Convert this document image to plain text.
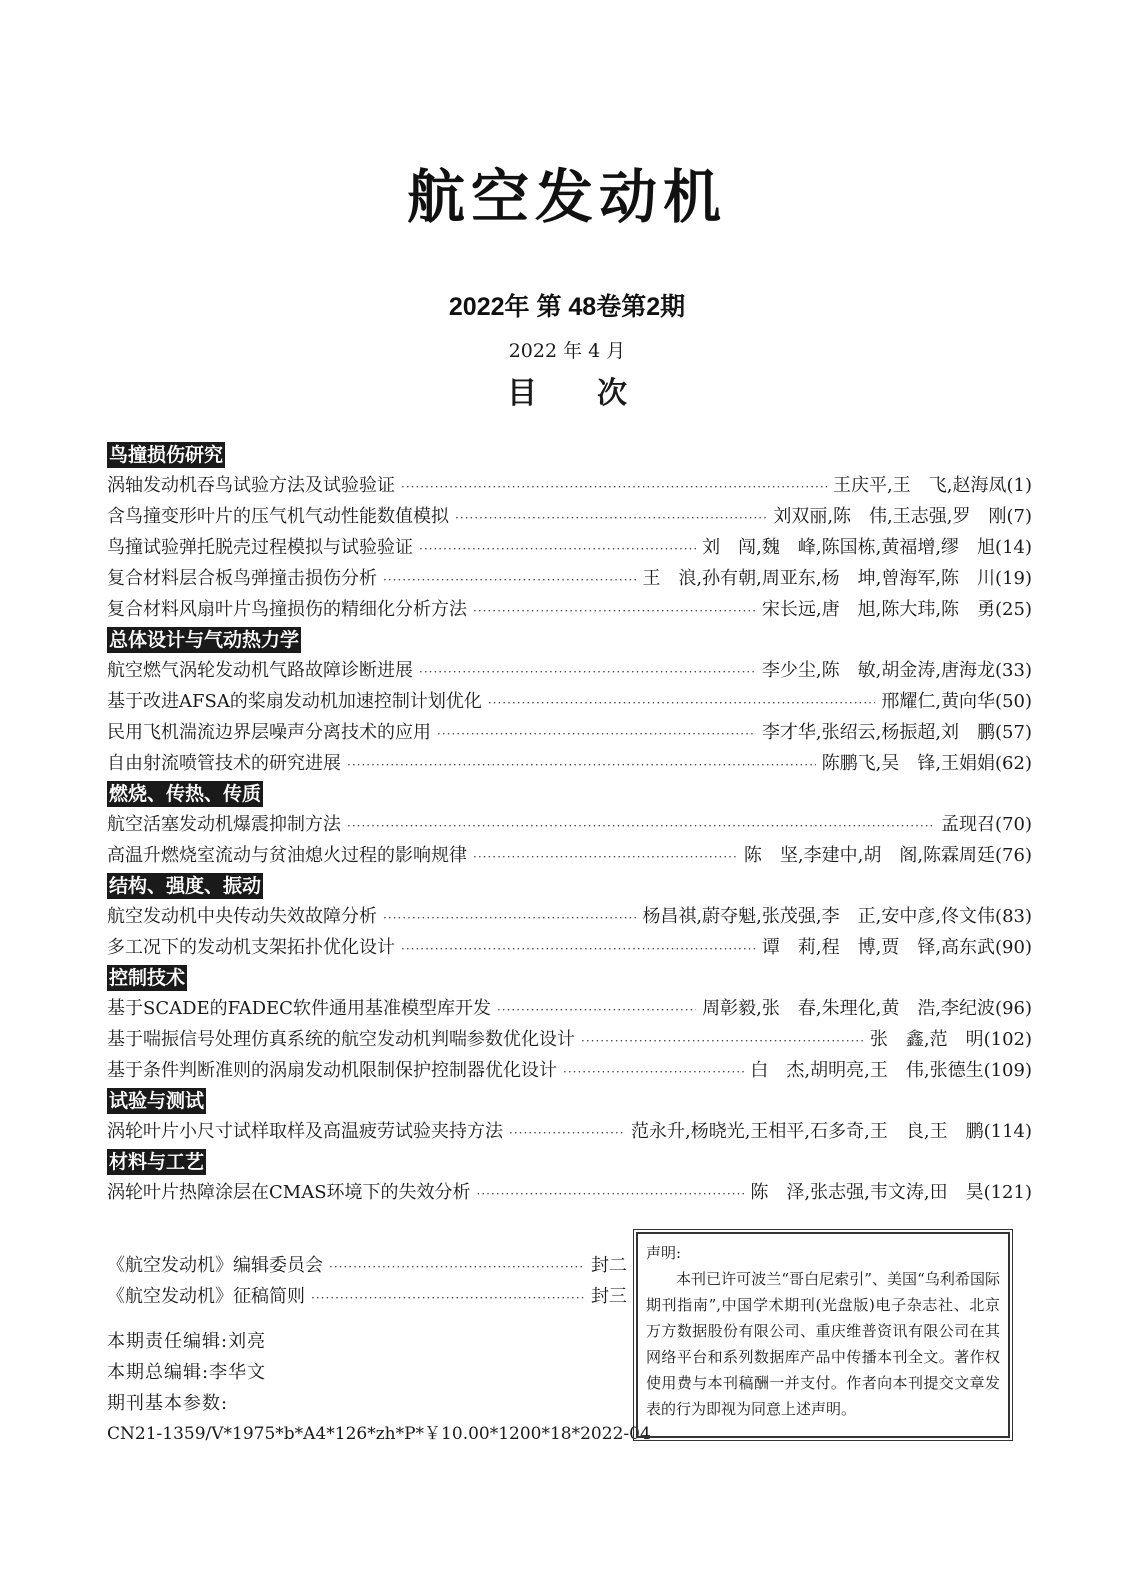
航空发动机
2022年 第 48卷第2期
2022 年 4 月
目次
鸟撞损伤研究
涡轴发动机吞鸟试验方法及试验验证 ·····	王庆平,王　飞,赵海凤(1)
含鸟撞变形叶片的压气机气动性能数值模拟 ·····	刘双丽,陈　伟,王志强,罗　刚(7)
鸟撞试验弹托脱壳过程模拟与试验验证 ·····	刘　闯,魏　峰,陈国栋,黄福增,缪　旭(14)
复合材料层合板鸟弹撞击损伤分析 ·····	王　浪,孙有朝,周亚东,杨　坤,曾海军,陈　川(19)
复合材料风扇叶片鸟撞损伤的精细化分析方法 ·····	宋长远,唐　旭,陈大玮,陈　勇(25)
总体设计与气动热力学
航空燃气涡轮发动机气路故障诊断进展 ·····	李少尘,陈　敏,胡金涛,唐海龙(33)
基于改进AFSA的桨扇发动机加速控制计划优化 ·····	邢耀仁,黄向华(50)
民用飞机湍流边界层噪声分离技术的应用 ·····	李才华,张绍云,杨振超,刘　鹏(57)
自由射流喷管技术的研究进展 ·····	陈鹏飞,吴　锋,王娟娟(62)
燃烧、传热、传质
航空活塞发动机爆震抑制方法 ·····	孟现召(70)
高温升燃烧室流动与贫油熄火过程的影响规律 ·····	陈　坚,李建中,胡　阁,陈霖周廷(76)
结构、强度、振动
航空发动机中央传动失效故障分析 ·····	杨昌祺,蔚夺魁,张茂强,李　正,安中彦,佟文伟(83)
多工况下的发动机支架拓扑优化设计 ·····	谭　莉,程　博,贾　铎,高东武(90)
控制技术
基于SCADE的FADEC软件通用基准模型库开发 ·····	周彰毅,张　春,朱理化,黄　浩,李纪波(96)
基于喘振信号处理仿真系统的航空发动机判喘参数优化设计 ·····	张　鑫,范　明(102)
基于条件判断准则的涡扇发动机限制保护控制器优化设计 ·····	白　杰,胡明亮,王　伟,张德生(109)
试验与测试
涡轮叶片小尺寸试样取样及高温疲劳试验夹持方法 ·····	范永升,杨晓光,王相平,石多奇,王　良,王　鹏(114)
材料与工艺
涡轮叶片热障涂层在CMAS环境下的失效分析 ·····	陈　泽,张志强,韦文涛,田　昊(121)
《航空发动机》编辑委员会 ·····	封二
《航空发动机》征稿简则 ·····	封三
本期责任编辑:刘亮
本期总编辑:李华文
期刊基本参数:
CN21-1359/V*1975*b*A4*126*zh*P*￥10.00*1200*18*2022-04
声明:
本刊已许可波兰“哥白尼索引”、美国“乌利希国际期刊指南”,中国学术期刊(光盘版)电子杂志社、北京万方数据股份有限公司、重庆维普资讯有限公司在其网络平台和系列数据库产品中传播本刊全文。著作权使用费与本刊稿酬一并支付。作者向本刊提交文章发表的行为即视为同意上述声明。
